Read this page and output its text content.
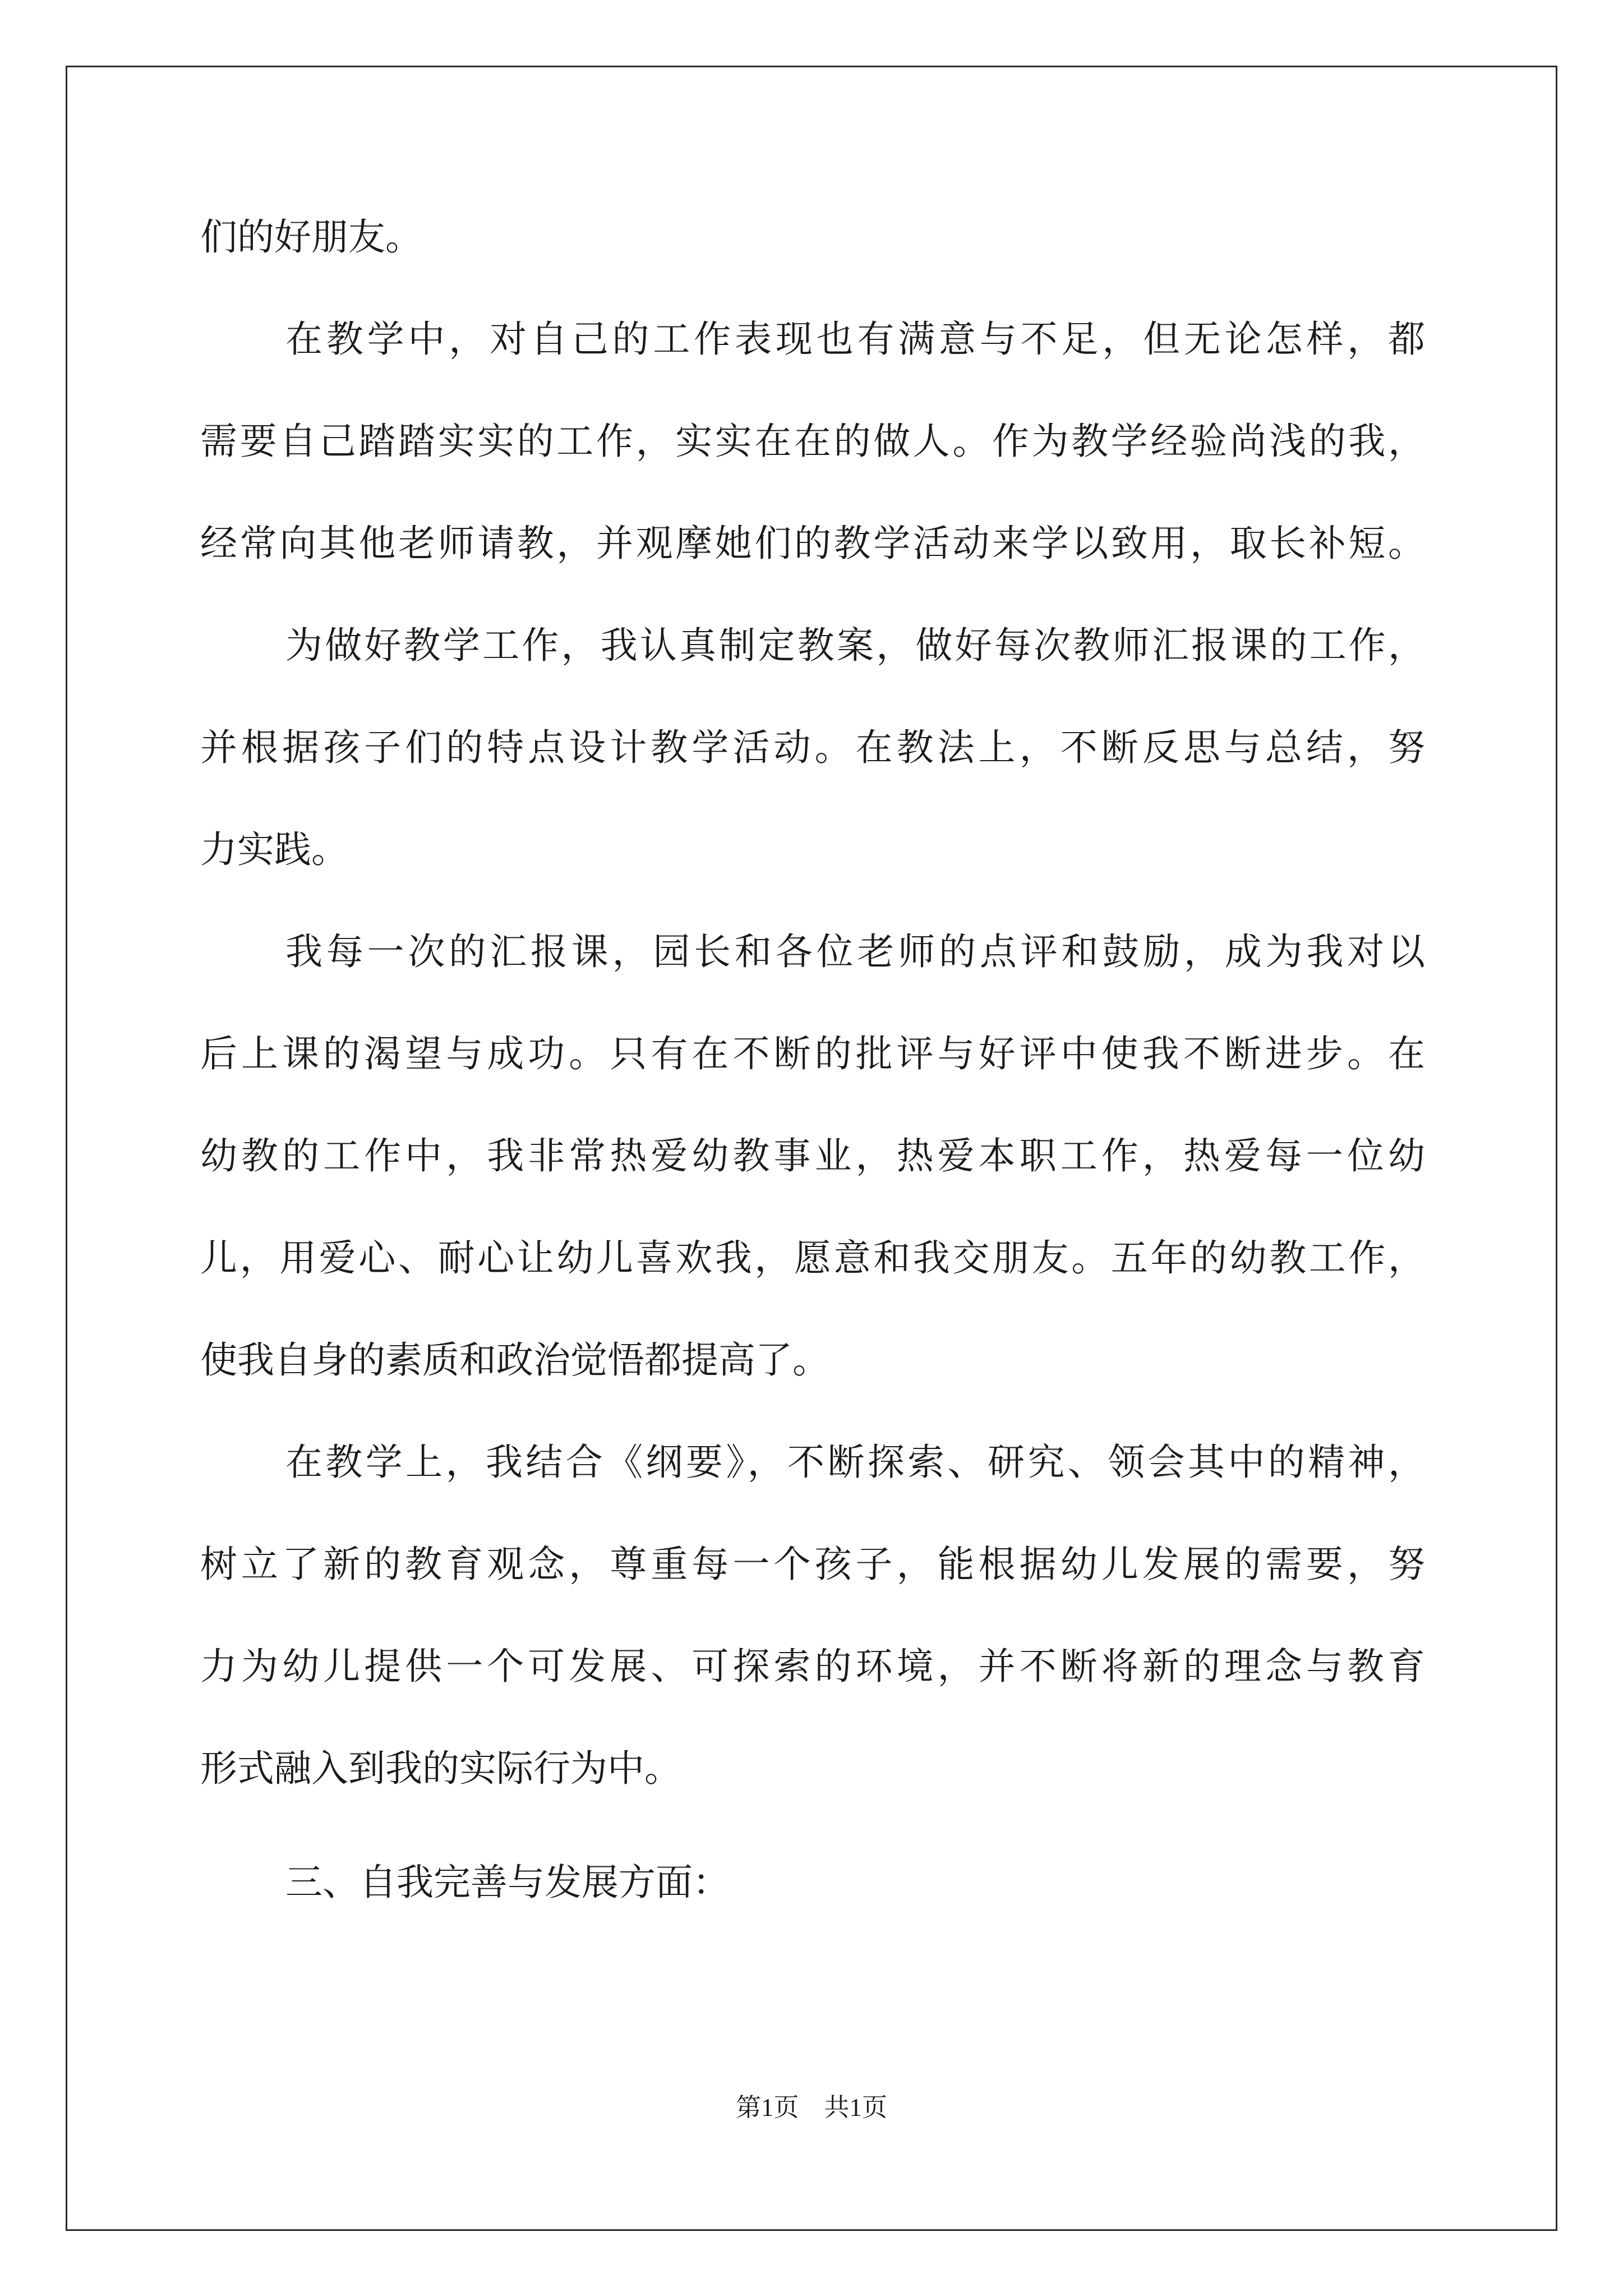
们的好朋友。
在教学中，对自己的工作表现也有满意与不足，但无论怎样，都
需要自己踏踏实实的工作，实实在在的做人。作为教学经验尚浅的我，
经常向其他老师请教，并观摩她们的教学活动来学以致用，取长补短。
为做好教学工作，我认真制定教案，做好每次教师汇报课的工作，
并根据孩子们的特点设计教学活动。在教法上，不断反思与总结，努
力实践。
我每一次的汇报课，园长和各位老师的点评和鼓励，成为我对以
后上课的渴望与成功。只有在不断的批评与好评中使我不断进步。在
幼教的工作中，我非常热爱幼教事业，热爱本职工作，热爱每一位幼
儿，用爱心、耐心让幼儿喜欢我，愿意和我交朋友。五年的幼教工作，
使我自身的素质和政治觉悟都提高了。
在教学上，我结合《纲要》，不断探索、研究、领会其中的精神，
树立了新的教育观念，尊重每一个孩子，能根据幼儿发展的需要，努
力为幼儿提供一个可发展、可探索的环境，并不断将新的理念与教育
形式融入到我的实际行为中。
三、自我完善与发展方面：
第1页　共1页
